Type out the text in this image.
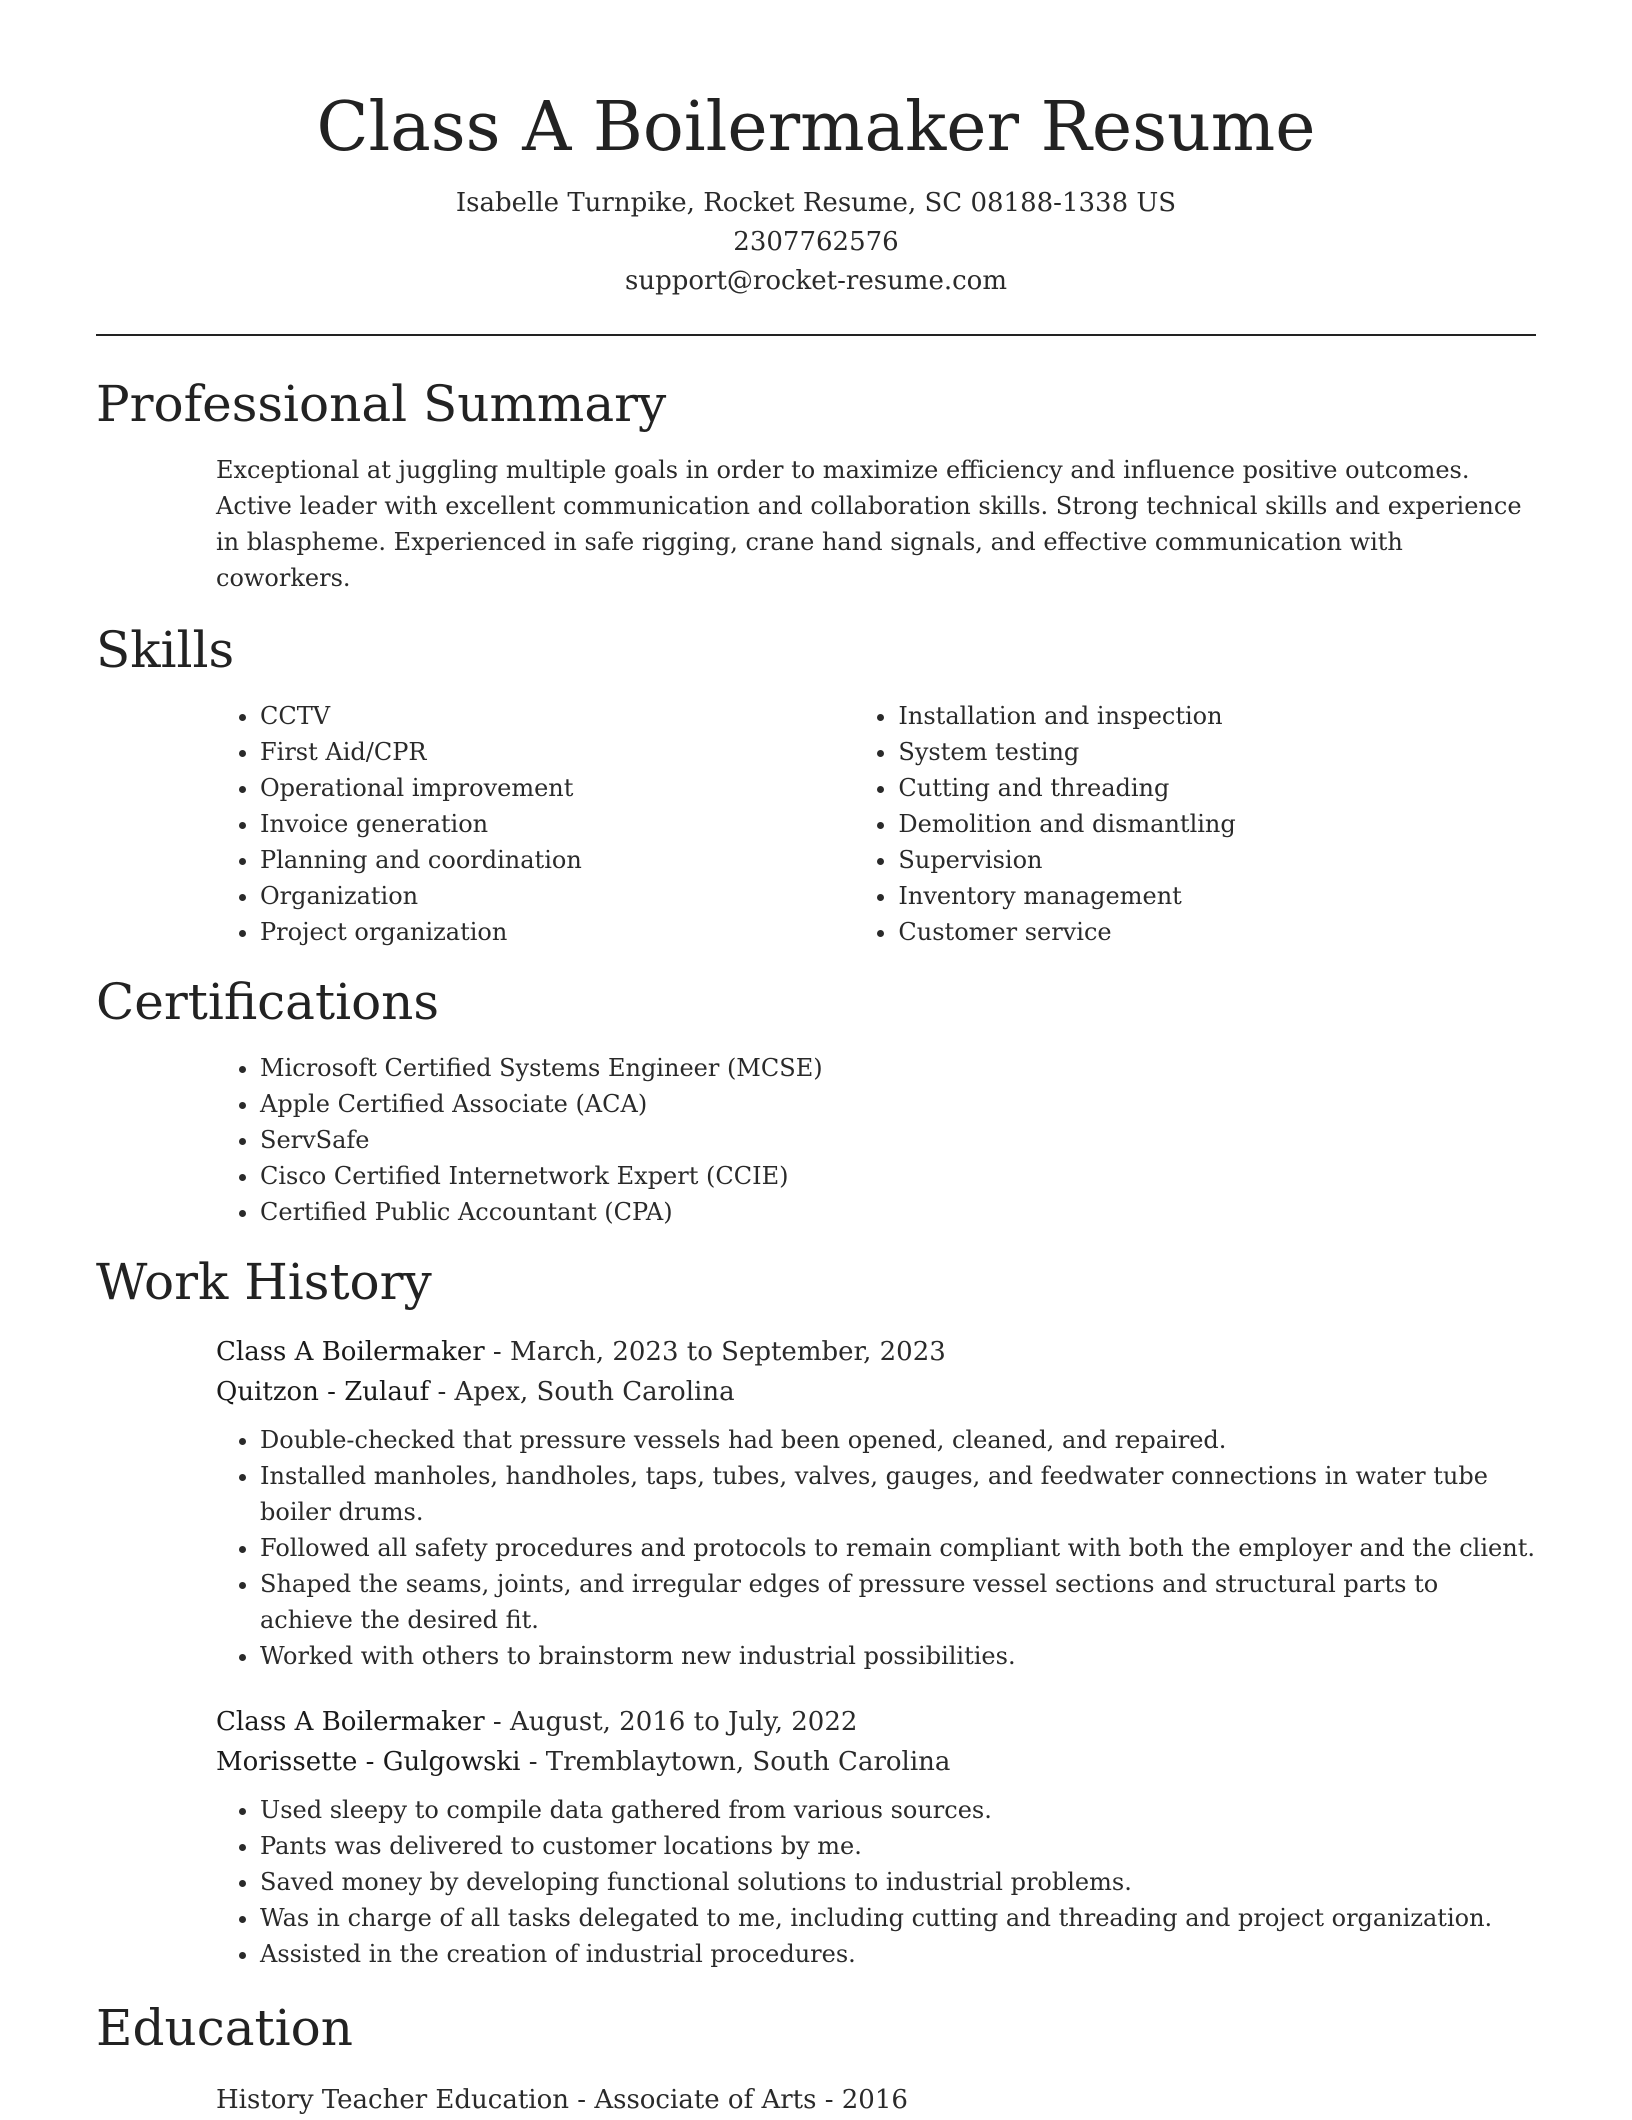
Class A Boilermaker Resume
Isabelle Turnpike, Rocket Resume, SC 08188-1338 US
2307762576
support@rocket-resume.com
Professional Summary
Exceptional at juggling multiple goals in order to maximize efficiency and influence positive outcomes. Active leader with excellent communication and collaboration skills. Strong technical skills and experience in blaspheme. Experienced in safe rigging, crane hand signals, and effective communication with coworkers.
Skills
• CCTV
• First Aid/CPR
• Operational improvement
• Invoice generation
• Planning and coordination
• Organization
• Project organization
• Installation and inspection
• System testing
• Cutting and threading
• Demolition and dismantling
• Supervision
• Inventory management
• Customer service
Certifications
• Microsoft Certified Systems Engineer (MCSE)
• Apple Certified Associate (ACA)
• ServSafe
• Cisco Certified Internetwork Expert (CCIE)
• Certified Public Accountant (CPA)
Work History
Class A Boilermaker - March, 2023 to September, 2023
Quitzon - Zulauf - Apex, South Carolina
• Double-checked that pressure vessels had been opened, cleaned, and repaired.
• Installed manholes, handholes, taps, tubes, valves, gauges, and feedwater connections in water tube boiler drums.
• Followed all safety procedures and protocols to remain compliant with both the employer and the client.
• Shaped the seams, joints, and irregular edges of pressure vessel sections and structural parts to achieve the desired fit.
• Worked with others to brainstorm new industrial possibilities.
Class A Boilermaker - August, 2016 to July, 2022
Morissette - Gulgowski - Tremblaytown, South Carolina
• Used sleepy to compile data gathered from various sources.
• Pants was delivered to customer locations by me.
• Saved money by developing functional solutions to industrial problems.
• Was in charge of all tasks delegated to me, including cutting and threading and project organization.
• Assisted in the creation of industrial procedures.
Education
History Teacher Education - Associate of Arts - 2016
